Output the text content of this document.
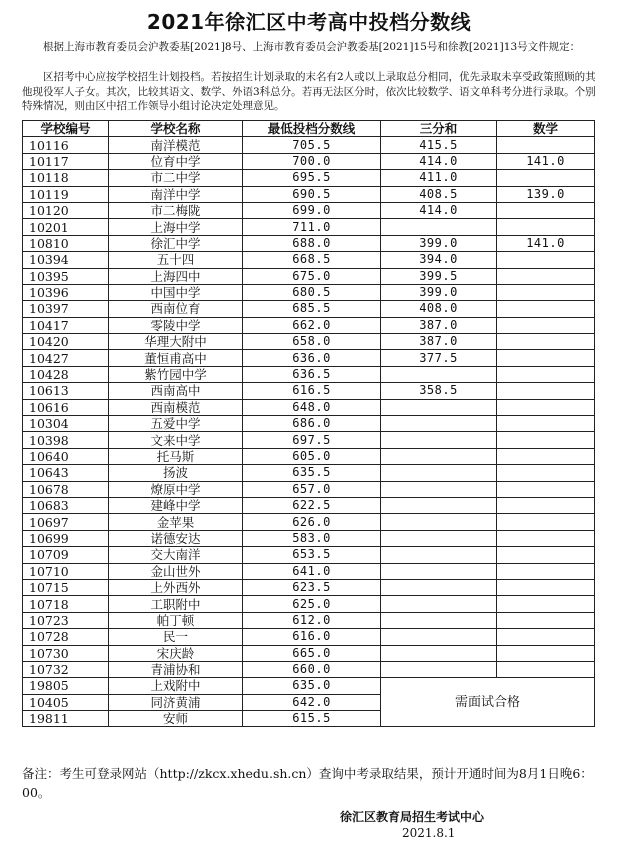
2021年徐汇区中考高中投档分数线

根据上海市教育委员会沪教委基[2021]8号、上海市教育委员会沪教委基[2021]15号和徐教[2021]13号文件规定：

区招考中心应按学校招生计划投档。若按招生计划录取的末名有2人或以上录取总分相同，优先录取未享受政策照顾的其他现役军人子女。其次，比较其语文、数学、外语3科总分。若再无法区分时，依次比较数学、语文单科考分进行录取。个别特殊情况，则由区中招工作领导小组讨论决定处理意见。

学校编号	学校名称	最低投档分数线	三分和	数学
10116	南洋模范	705.5	415.5	
10117	位育中学	700.0	414.0	141.0
10118	市二中学	695.5	411.0	
10119	南洋中学	690.5	408.5	139.0
10120	市二梅陇	699.0	414.0	
10201	上海中学	711.0		
10810	徐汇中学	688.0	399.0	141.0
10394	五十四	668.5	394.0	
10395	上海四中	675.0	399.5	
10396	中国中学	680.5	399.0	
10397	西南位育	685.5	408.0	
10417	零陵中学	662.0	387.0	
10420	华理大附中	658.0	387.0	
10427	董恒甫高中	636.0	377.5	
10428	紫竹园中学	636.5		
10613	西南高中	616.5	358.5	
10616	西南模范	648.0		
10304	五爱中学	686.0		
10398	文来中学	697.5		
10640	托马斯	605.0		
10643	扬波	635.5		
10678	燎原中学	657.0		
10683	建峰中学	622.5		
10697	金苹果	626.0		
10699	诺德安达	583.0		
10709	交大南洋	653.5		
10710	金山世外	641.0		
10715	上外西外	623.5		
10718	工职附中	625.0		
10723	帕丁顿	612.0		
10728	民一	616.0		
10730	宋庆龄	665.0		
10732	青浦协和	660.0		
19805	上戏附中	635.0	需面试合格	
10405	同济黄浦	642.0		
19811	安师	615.5		
备注：考生可登录网站（http://zkcx.xhedu.sh.cn）查询中考录取结果，预计开通时间为8月1日晚6：00。
徐汇区教育局招生考试中心
2021.8.1
